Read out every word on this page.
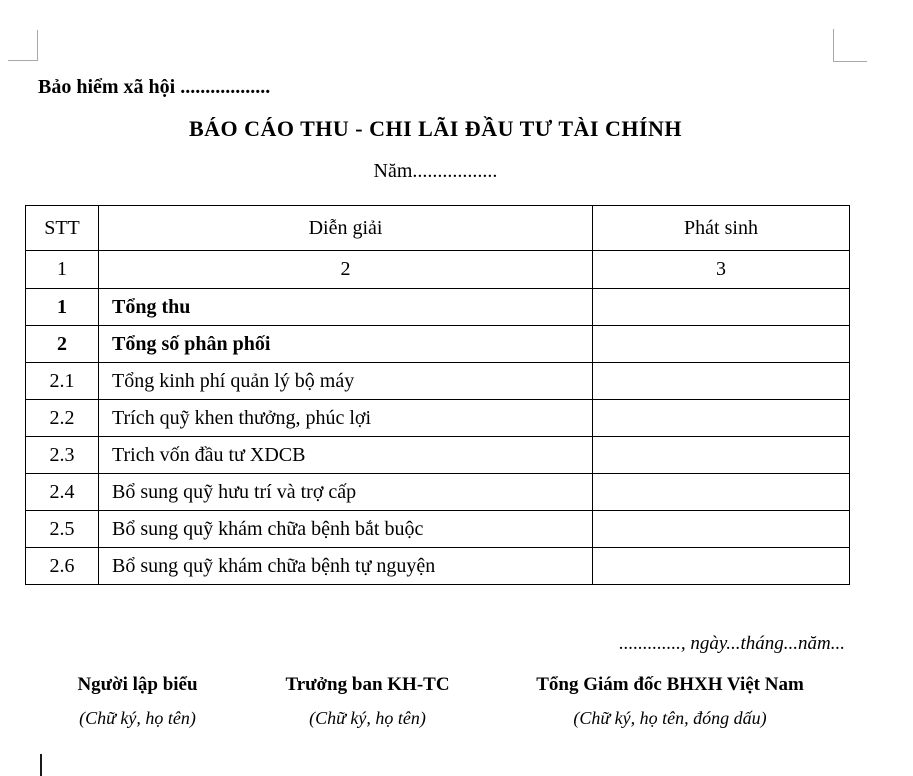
Bảo hiểm xã hội ..................
BÁO CÁO THU - CHI LÃI ĐẦU TƯ TÀI CHÍNH
Năm.................
STT	Diễn giải	Phát sinh
1	2	3
1	Tổng thu	
2	Tổng số phân phối	
2.1	Tổng kinh phí quản lý bộ máy	
2.2	Trích quỹ khen thưởng, phúc lợi	
2.3	Trich vốn đầu tư XDCB	
2.4	Bổ sung quỹ hưu trí và trợ cấp	
2.5	Bổ sung quỹ khám chữa bệnh bắt buộc	
2.6	Bổ sung quỹ khám chữa bệnh tự nguyện	
............., ngày...tháng...năm...
Người lập biểu
(Chữ ký, họ tên)
Trưởng ban KH-TC
(Chữ ký, họ tên)
Tổng Giám đốc BHXH Việt Nam
(Chữ ký, họ tên, đóng dấu)
